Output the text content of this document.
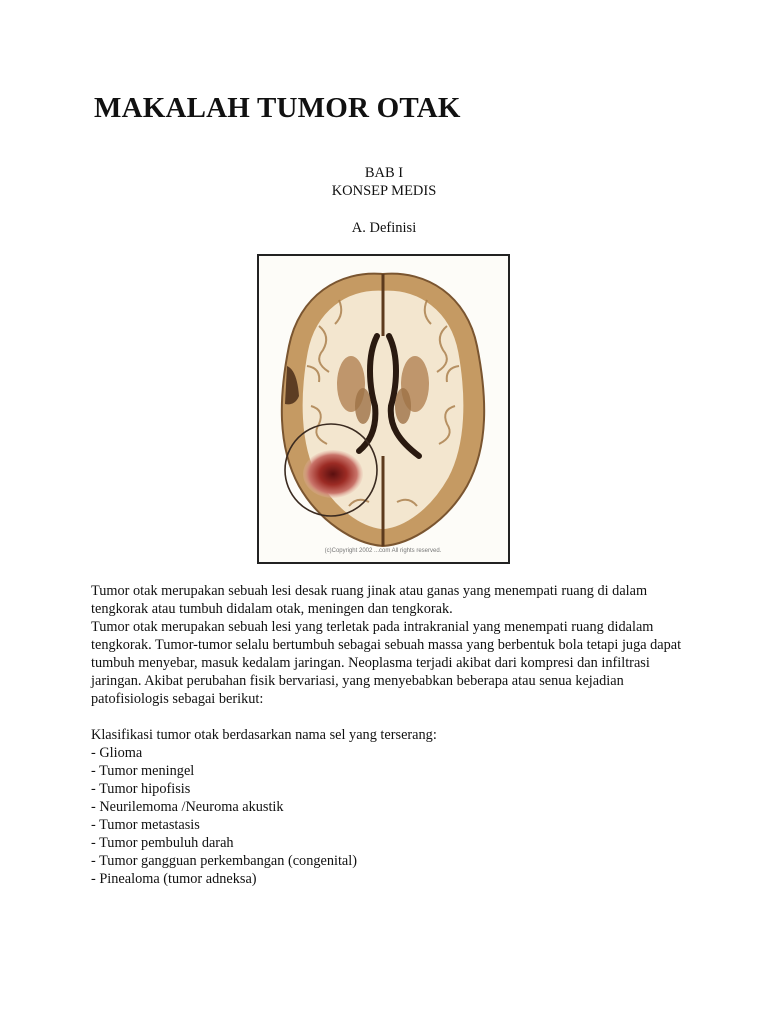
MAKALAH TUMOR OTAK
BAB I
KONSEP MEDIS
A. Definisi
(c)Copyright 2002 ...com All rights reserved.

Tumor otak merupakan sebuah lesi desak ruang jinak atau ganas yang menempati ruang di dalam tengkorak atau tumbuh didalam otak, meningen dan tengkorak.

Tumor otak merupakan sebuah lesi yang terletak pada intrakranial yang menempati ruang didalam tengkorak. Tumor-tumor selalu bertumbuh sebagai sebuah massa yang berbentuk bola tetapi juga dapat tumbuh menyebar, masuk kedalam jaringan. Neoplasma terjadi akibat dari kompresi dan infiltrasi jaringan. Akibat perubahan fisik bervariasi, yang menyebabkan beberapa atau senua kejadian patofisiologis sebagai berikut:

Klasifikasi tumor otak berdasarkan nama sel yang terserang:

- Glioma
- Tumor meningel
- Tumor hipofisis
- Neurilemoma /Neuroma akustik
- Tumor metastasis
- Tumor pembuluh darah
- Tumor gangguan perkembangan (congenital)
- Pinealoma (tumor adneksa)
